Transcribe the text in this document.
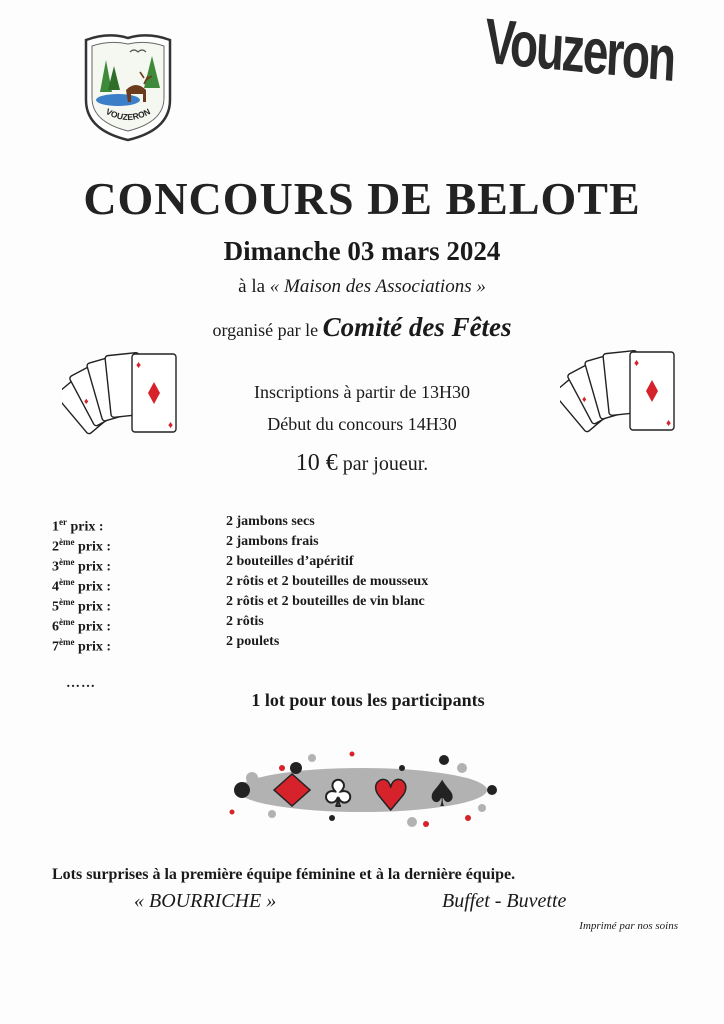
VOUZERON
Vouzeron
CONCOURS DE BELOTE
Dimanche 03 mars 2024
à la « Maison des Associations »
organisé par le Comité des Fêtes
♦
♦
♦
♦
♦
♦
Inscriptions à partir de 13H30
Début du concours 14H30
10 € par joueur.
1er prix :	2 jambons secs
2ème prix :	2 jambons frais
3ème prix :	2 bouteilles d’apéritif
4ème prix :	2 rôtis et 2 bouteilles de mousseux
5ème prix :	2 rôtis et 2 bouteilles de vin blanc
6ème prix :	2 rôtis
7ème prix :	2 poulets
……
1 lot pour tous les participants
♣ ♥ ♠
Lots surprises à la première équipe féminine et à la dernière équipe.
« BOURRICHE »	Buffet - Buvette
Imprimé par nos soins
